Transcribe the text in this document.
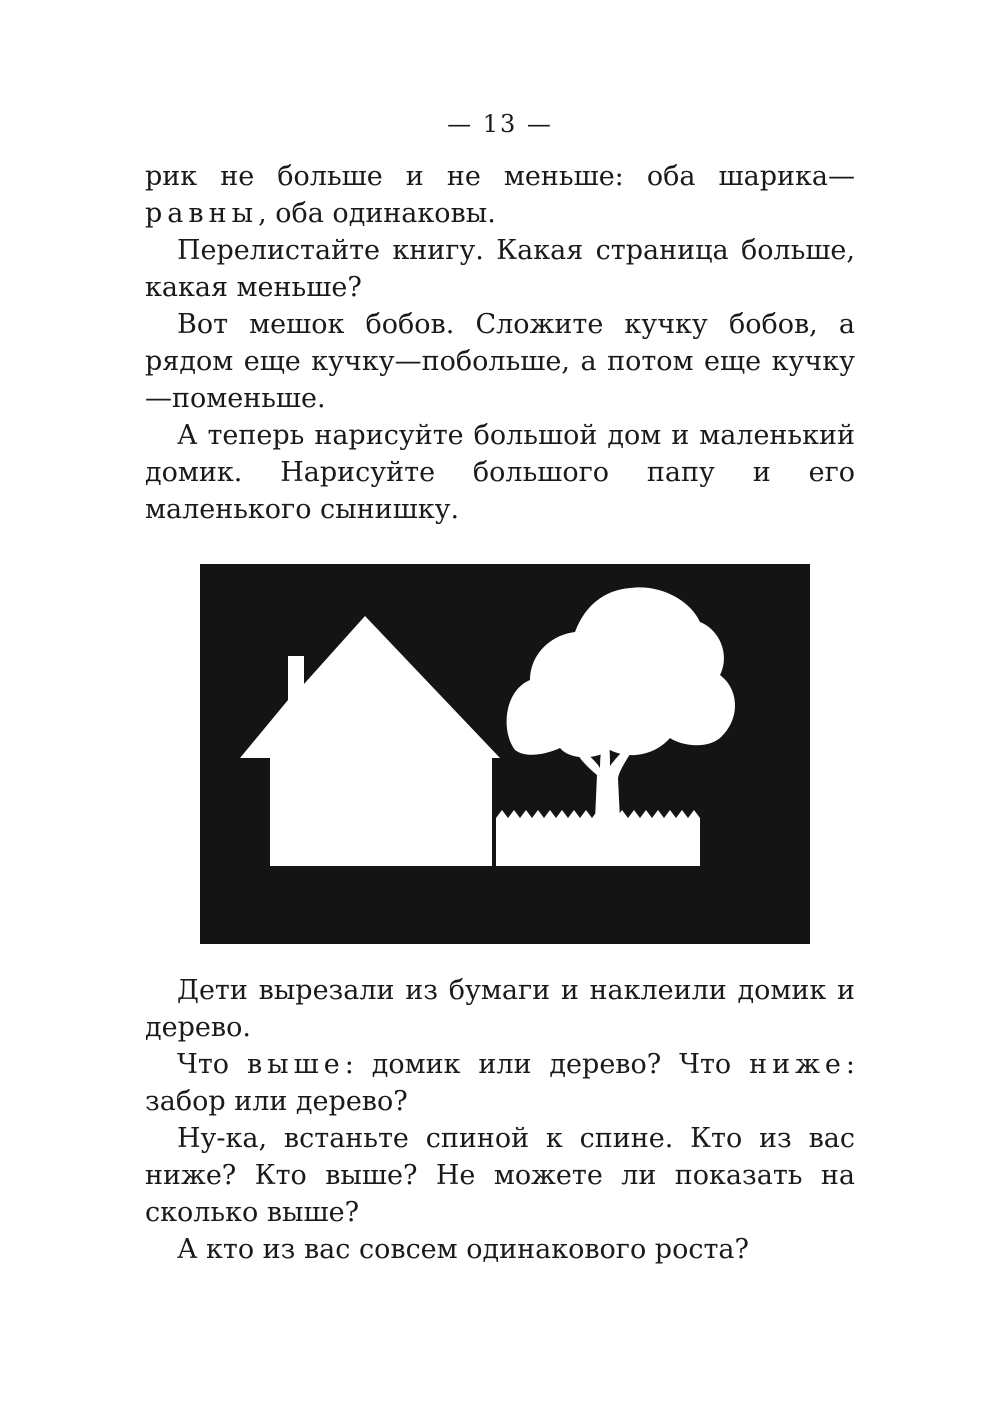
— 13 —

рик не больше и не меньше: оба шарика—равны, оба одинаковы.

Перелистайте книгу. Какая страница больше, какая меньше?

Вот мешок бобов. Сложите кучку бобов, а рядом еще кучку—побольше, а потом еще кучку—поменьше.

А теперь нарисуйте большой дом и маленький домик. Нарисуйте большого папу и его маленького сынишку.

Дети вырезали из бумаги и наклеили домик и дерево.

Что выше: домик или дерево? Что ниже: забор или дерево?

Ну-ка, встаньте спиной к спине. Кто из вас ниже? Кто выше? Не можете ли показать на сколько выше?

А кто из вас совсем одинакового роста?
